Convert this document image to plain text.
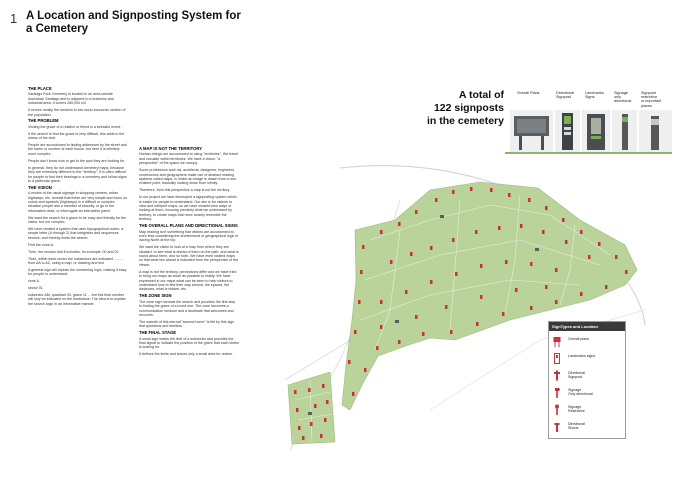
1 A Location and Signposting System for a Cemetery
THE PLACE

Santiago Park Cemetery is located in an area outside downtown Santiago and is adjacent to a business and industrial area. It covers 260,000 m2.

It serves mostly the medium to low socio-economic section of the population.

THE PROBLEM

Visiting the grave of a relative or friend is a stressful event.

If the search to find the grave is very difficult, this adds to the stress of the visit.

People are accustomed to finding addresses by the street and the name or number of each house, but here it is infinitely more complex.

People don't know how to get to the spot they are looking for.

In general, they do not understand cemetery maps, because they are extremely different to the "territory". It is often difficult for people to find their bearings in a cemetery and follow signs to a particular grave.

THE VISION

A review of the usual signage in shopping centers, urban highways, etc. reveals that these are very simple and focus on colors and symbols (highways) in a difficult or complex situation people ask a member of security, or go to the information desk, or interrogate an interactive panel.

We want the search for a grave to be easy and friendly for the visitor, but not complex.

We have created a system that uses topographical codes, a simple letter (A through Z) that integrates and sequences sectors, and thereby limits the search.

Find the zone A.

Then, the sectors that it includes, for example: 00 and 01

Then, within each sector the subsectors are indicated ......... from AA to AZ, using a map, or drawing and text

A general sign will explain the numbering logic, making it easy for people to understand:

zone A

sector 01

subsector AM, quadrant 03, grave 11 ... but this final number will only be indicated on the tombstone. The idea is to explain the search logic in an informative manner.

A MAP IS NOT THE TERRITORY

Human beings are accustomed to using "territories". We travel and circulate within territories. We have a vision, "a perspective" of the space we occupy.

Some professions such as, architects, designers, engineers, constructors and geographers make use of abstract reading systems called maps, in which an image is drawn from a non-existent point, basically looking down from infinity.

Therefore, from this perspective a map is not the territory.

In our project we have developed a signposting system which is easier for people to understand. Our aim is for visitors to view and interpret maps, so we have created new ways of looking at them, focusing precisely what we understand by territory, to create maps that more closely resemble the territory.

THE OVERALL PLANS AND DIRECTIONAL SIGNS

Map reading isn't something that visitors are accustomed to, even less considering the architectural or geographical logic of having North at the top.

We want the visitor to look at a map from where they are situated, to see what is ahead of them on the path, and what is round about them, and so forth. We have even rotated maps so that what lies ahead is indicated from the perspective of the viewer.

A map is not the territory, perceptions differ and we have tried to bring our maps as close as possible to reality. We have expressed in our maps what can be seen to help visitors to understand how to find their way around, the spaces, the distances, what is hidden, etc.

THE ZONE SIGN

The zone sign narrows the search and provides the first step to finding the grave of a loved one. The zone becomes a communication medium and a landmark that welcomes and recovers.

The warmth of this eternal "second home" is felt by this sign that questions and shelters.

THE FINAL STAGE

A small sign marks the limit of a subsector and provides the final signal to indicate the position of the grave that each visitor is looking for.

It defines the limits and leaves only a small area for review.

A total of
122 signposts
in the cemetery
Overall Plans	Directional
Signpost
Landmarks
Signs
Signage
only
directional
Signpost
restrictive
or important places
SignTypes and Location
Overall plans
Landmarks signs
Directional
Signpost
Signage
Only directional
Signage
Restrictive
Directional
Shorts
